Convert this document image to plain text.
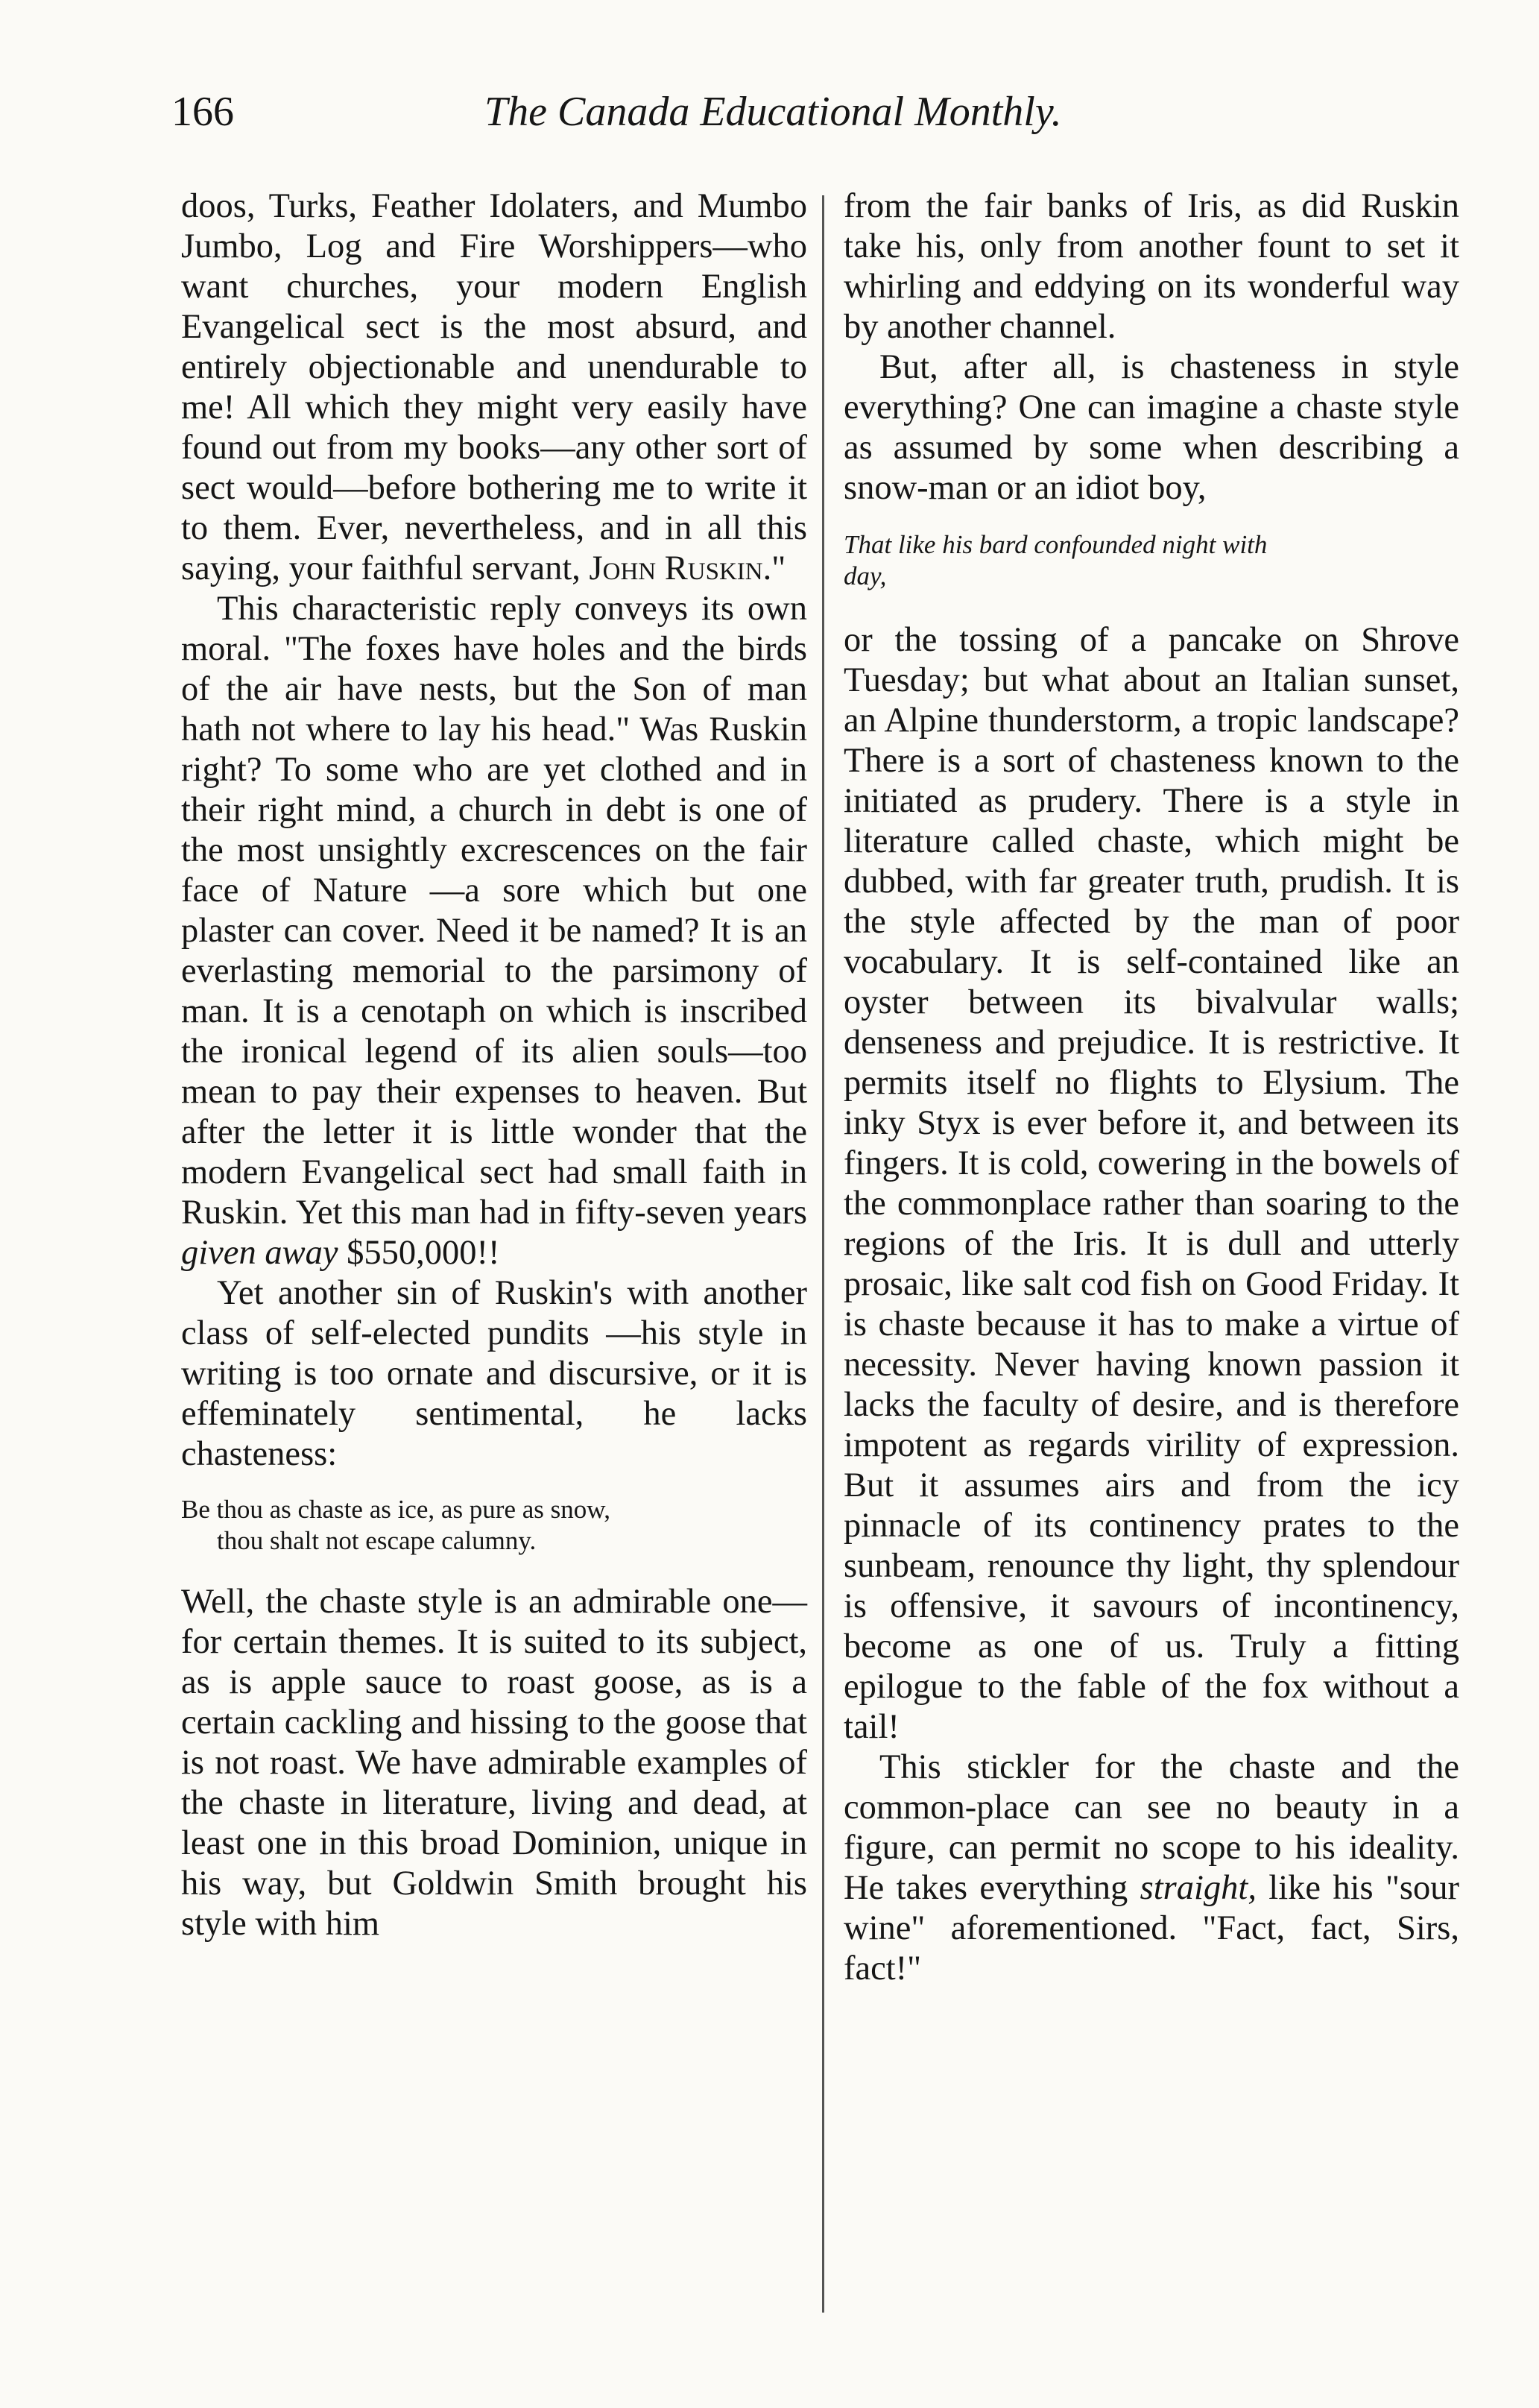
166	The Canada Educational Monthly.

doos, Turks, Feather Idolaters, and Mumbo Jumbo, Log and Fire Worshippers—who want churches, your modern English Evangelical sect is the most absurd, and entirely objectionable and unendurable to me! All which they might very easily have found out from my books—any other sort of sect would—before bothering me to write it to them. Ever, nevertheless, and in all this saying, your faithful servant, John Ruskin."

This characteristic reply conveys its own moral. "The foxes have holes and the birds of the air have nests, but the Son of man hath not where to lay his head." Was Ruskin right? To some who are yet clothed and in their right mind, a church in debt is one of the most unsightly excrescences on the fair face of Nature —a sore which but one plaster can cover. Need it be named? It is an everlasting memorial to the parsimony of man. It is a cenotaph on which is inscribed the ironical legend of its alien souls—too mean to pay their expenses to heaven. But after the letter it is little wonder that the modern Evangelical sect had small faith in Ruskin. Yet this man had in fifty-seven years given away $550,000!!

Yet another sin of Ruskin's with another class of self-elected pundits —his style in writing is too ornate and discursive, or it is effeminately sentimental, he lacks chasteness:

Be thou as chaste as ice, as pure as snow,
thou shalt not escape calumny.

Well, the chaste style is an admirable one—for certain themes. It is suited to its subject, as is apple sauce to roast goose, as is a certain cackling and hissing to the goose that is not roast. We have admirable examples of the chaste in literature, living and dead, at least one in this broad Dominion, unique in his way, but Goldwin Smith brought his style with him

from the fair banks of Iris, as did Ruskin take his, only from another fount to set it whirling and eddying on its wonderful way by another channel.

But, after all, is chasteness in style everything? One can imagine a chaste style as assumed by some when describing a snow-man or an idiot boy,

That like his bard confounded night with
day,

or the tossing of a pancake on Shrove Tuesday; but what about an Italian sunset, an Alpine thunderstorm, a tropic landscape? There is a sort of chasteness known to the initiated as prudery. There is a style in literature called chaste, which might be dubbed, with far greater truth, prudish. It is the style affected by the man of poor vocabulary. It is self-contained like an oyster between its bivalvular walls; denseness and prejudice. It is restrictive. It permits itself no flights to Elysium. The inky Styx is ever before it, and between its fingers. It is cold, cowering in the bowels of the commonplace rather than soaring to the regions of the Iris. It is dull and utterly prosaic, like salt cod fish on Good Friday. It is chaste because it has to make a virtue of necessity. Never having known passion it lacks the faculty of desire, and is therefore impotent as regards virility of expression. But it assumes airs and from the icy pinnacle of its continency prates to the sunbeam, renounce thy light, thy splendour is offensive, it savours of incontinency, become as one of us. Truly a fitting epilogue to the fable of the fox without a tail!

This stickler for the chaste and the common-place can see no beauty in a figure, can permit no scope to his ideality. He takes everything straight, like his "sour wine" aforementioned. "Fact, fact, Sirs, fact!"
